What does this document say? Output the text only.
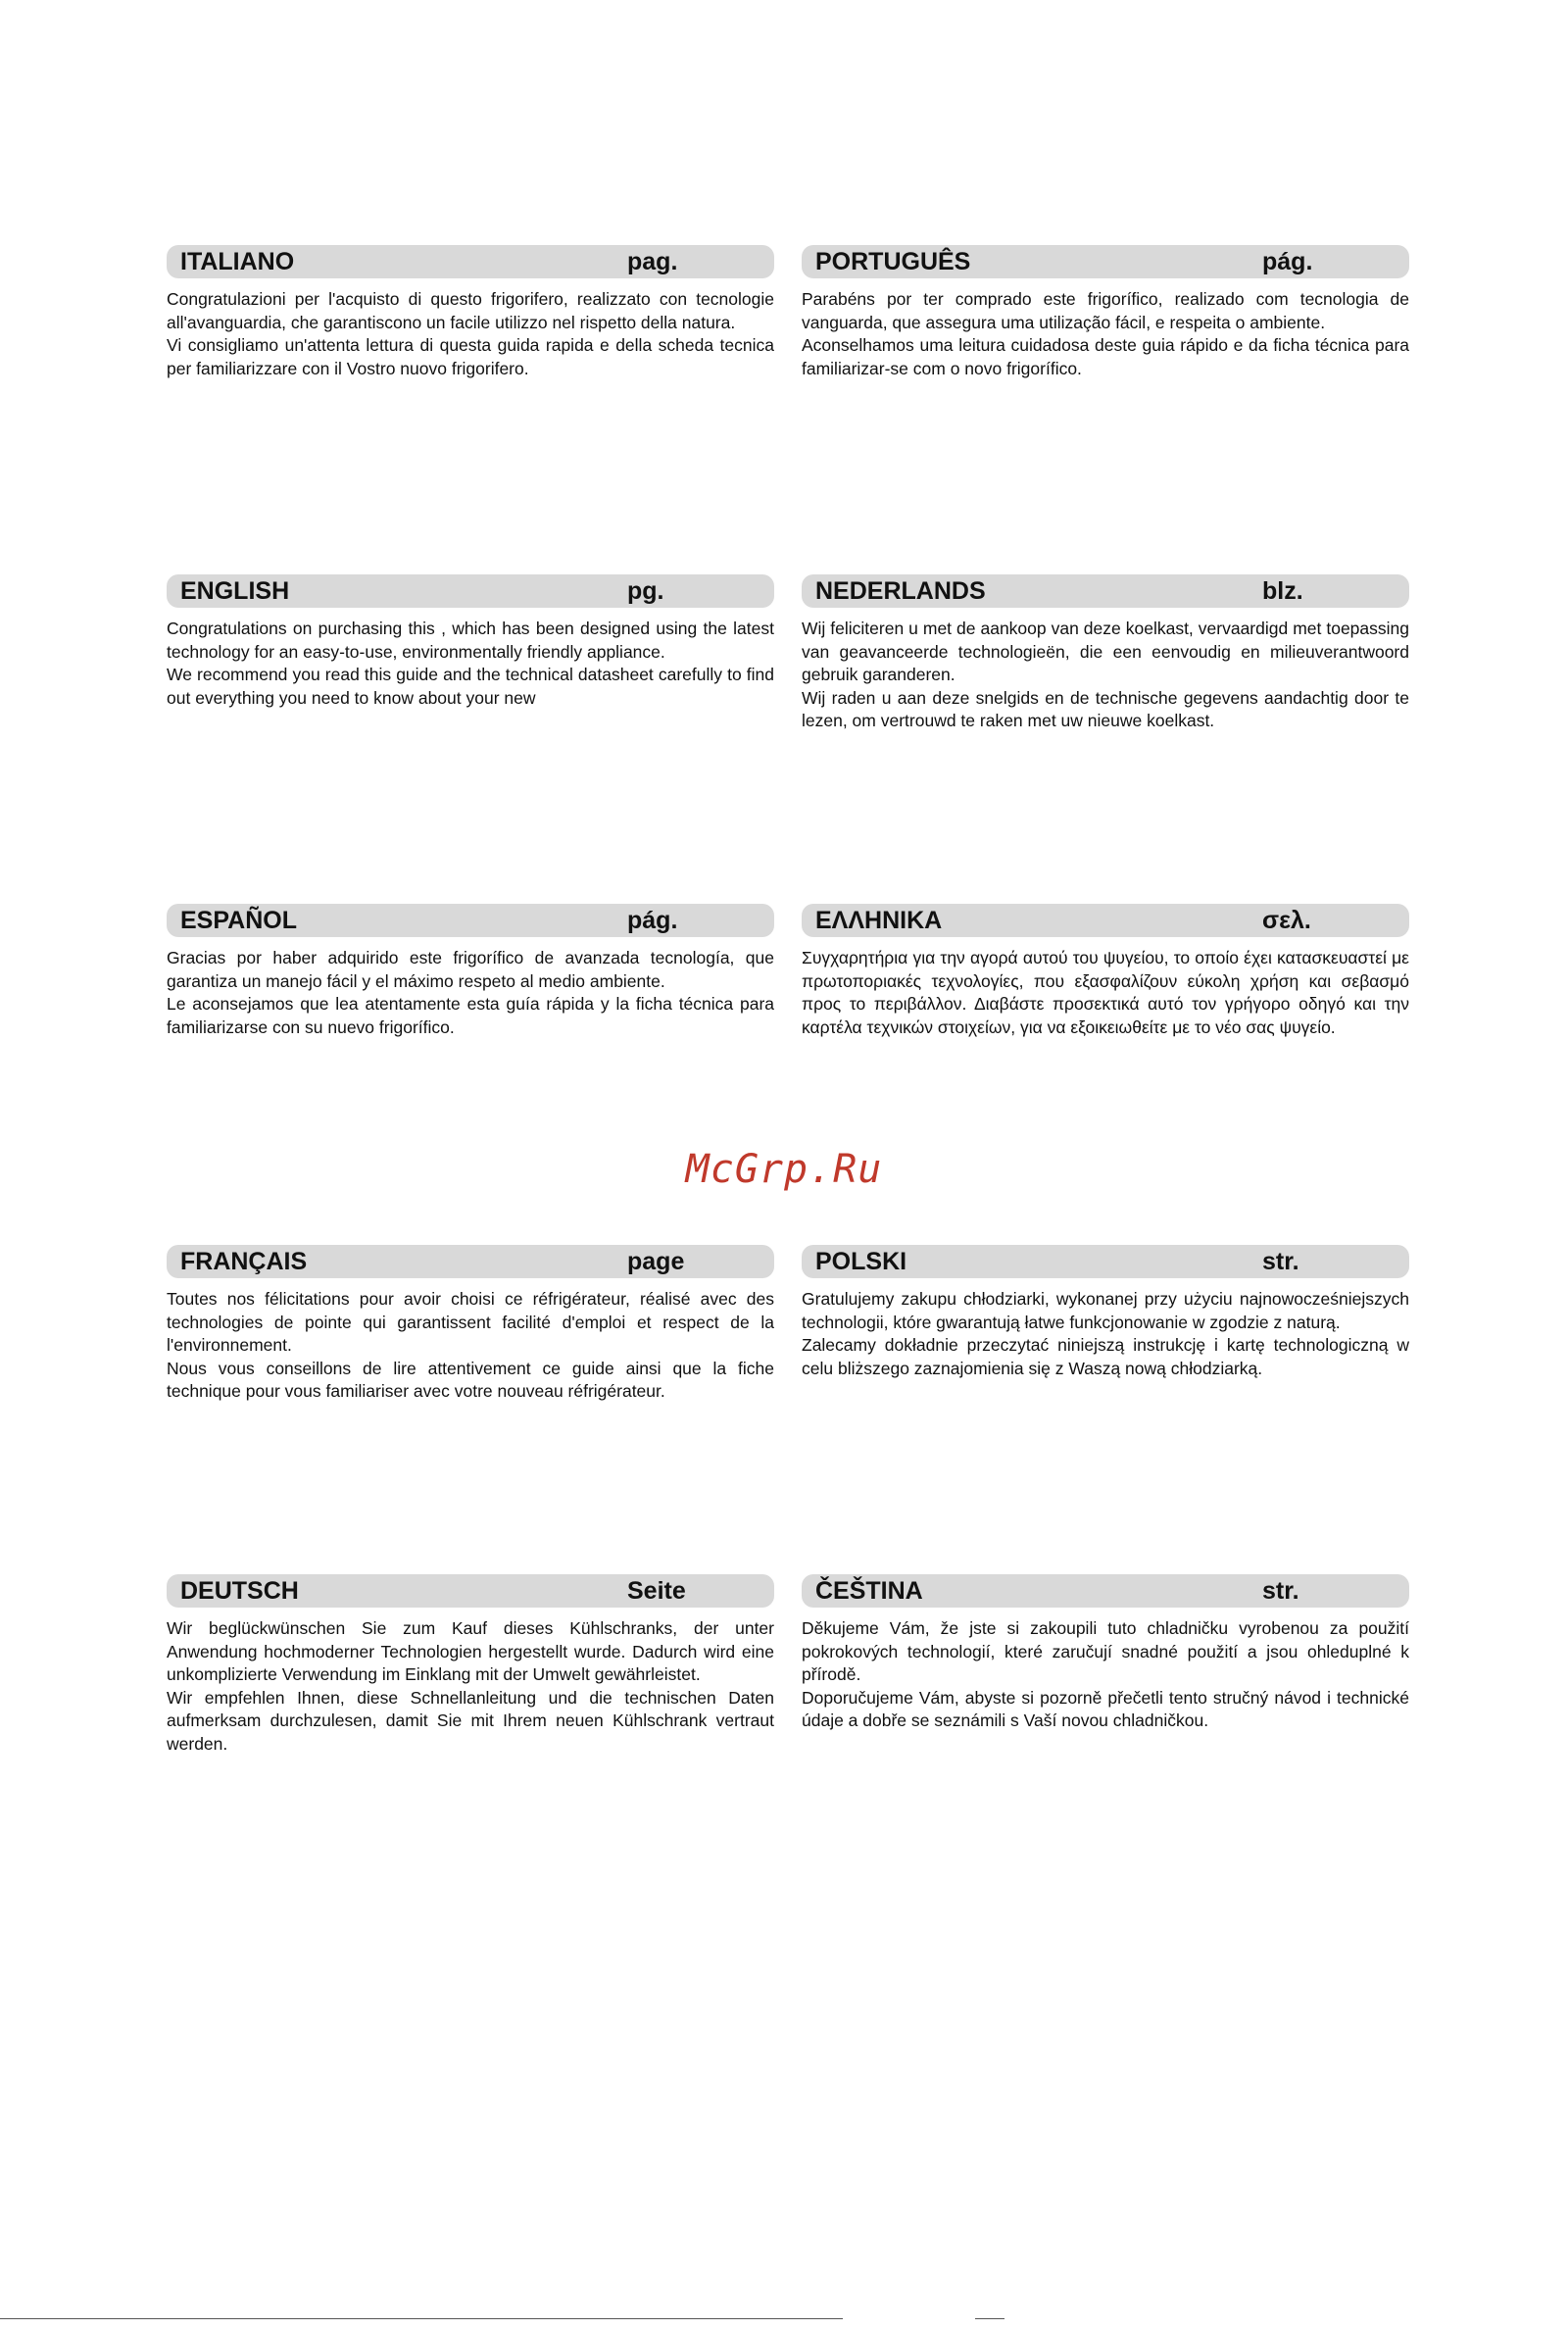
ITALIANO	pag.
Congratulazioni per l'acquisto di questo frigorifero, realizzato con tecnologie all'avanguardia, che garantiscono un facile utilizzo nel rispetto della natura.
Vi consigliamo un'attenta lettura di questa guida rapida e della scheda tecnica per familiarizzare con il Vostro nuovo frigorifero.
PORTUGUÊS	pág.
Parabéns por ter comprado este frigorífico, realizado com tecnologia de vanguarda, que assegura uma utilização fácil, e respeita o ambiente.
Aconselhamos uma leitura cuidadosa deste guia rápido e da ficha técnica para familiarizar-se com o novo frigorífico.
ENGLISH	pg.
Congratulations on purchasing this , which has been designed using the latest technology for an easy-to-use, environmentally friendly appliance.
We recommend you read this guide and the technical datasheet carefully to find out everything you need to know about your new
NEDERLANDS	blz.
Wij feliciteren u met de aankoop van deze koelkast, vervaardigd met toepassing van geavanceerde technologieën, die een eenvoudig en milieuverantwoord gebruik garanderen.
Wij raden u aan deze snelgids en de technische gegevens aandachtig door te lezen, om vertrouwd te raken met uw nieuwe koelkast.
ESPAÑOL	pág.
Gracias por haber adquirido este frigorífico de avanzada tecnología, que garantiza un manejo fácil y el máximo respeto al medio ambiente.
Le aconsejamos que lea atentamente esta guía rápida y la ficha técnica para familiarizarse con su nuevo frigorífico.
ΕΛΛΗΝΙΚΑ	σελ.
Συγχαρητήρια για την αγορά αυτού του ψυγείου, το οποίο έχει κατασκευαστεί με πρωτοποριακές τεχνολογίες, που εξασφαλίζουν εύκολη χρήση και σεβασμό προς το περιβάλλον. Διαβάστε προσεκτικά αυτό τον γρήγορο οδηγό και την καρτέλα τεχνικών στοιχείων, για να εξοικειωθείτε με το νέο σας ψυγείο.
McGrp.Ru
FRANÇAIS	page
Toutes nos félicitations pour avoir choisi ce réfrigérateur, réalisé avec des technologies de pointe qui garantissent facilité d'emploi et respect de la l'environnement.
Nous vous conseillons de lire attentivement ce guide ainsi que la fiche technique pour vous familiariser avec votre nouveau réfrigérateur.
POLSKI	str.
Gratulujemy zakupu chłodziarki, wykonanej przy użyciu najnowocześniejszych technologii, które gwarantują łatwe funkcjonowanie w zgodzie z naturą.
Zalecamy dokładnie przeczytać niniejszą instrukcję i kartę technologiczną w celu bliższego zaznajomienia się z Waszą nową chłodziarką.
DEUTSCH	Seite
Wir beglückwünschen Sie zum Kauf dieses Kühlschranks, der unter Anwendung hochmoderner Technologien hergestellt wurde. Dadurch wird eine unkomplizierte Verwendung im Einklang mit der Umwelt gewährleistet.
Wir empfehlen Ihnen, diese Schnellanleitung und die technischen Daten aufmerksam durchzulesen, damit Sie mit Ihrem neuen Kühlschrank vertraut werden.
ČEŠTINA	str.
Děkujeme Vám, že jste si zakoupili tuto chladničku vyrobenou za použití pokrokových technologií, které zaručují snadné použití a jsou ohleduplné k přírodě.
Doporučujeme Vám, abyste si pozorně přečetli tento stručný návod i technické údaje a dobře se seznámili s Vaší novou chladničkou.
